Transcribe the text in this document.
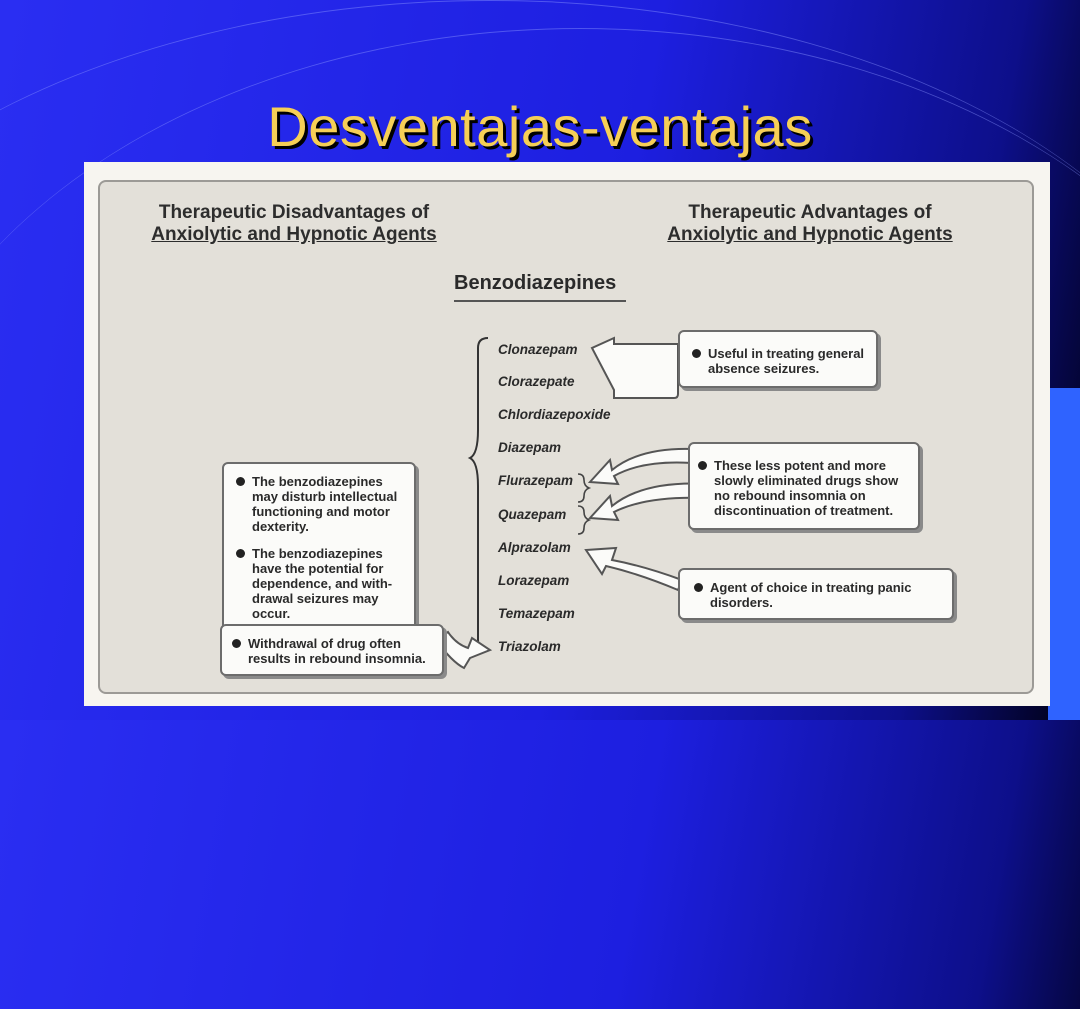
Desventajas-ventajas
Therapeutic Disadvantages of
Anxiolytic and Hypnotic Agents
Therapeutic Advantages of
Anxiolytic and Hypnotic Agents
Benzodiazepines
Clonazepam
Clorazepate
Chlordiazepoxide
Diazepam
Flurazepam
Quazepam
Alprazolam
Lorazepam
Temazepam
Triazolam
Useful in treating general absence seizures.
These less potent and more slowly eliminated drugs show no rebound insomnia on discontinuation of treatment.
Agent of choice in treating panic disorders.
The benzodiazepines may disturb intellectual functioning and motor dexterity.
The benzodiazepines have the potential for dependence, and with-drawal seizures may occur.
Withdrawal of drug often results in rebound insomnia.
